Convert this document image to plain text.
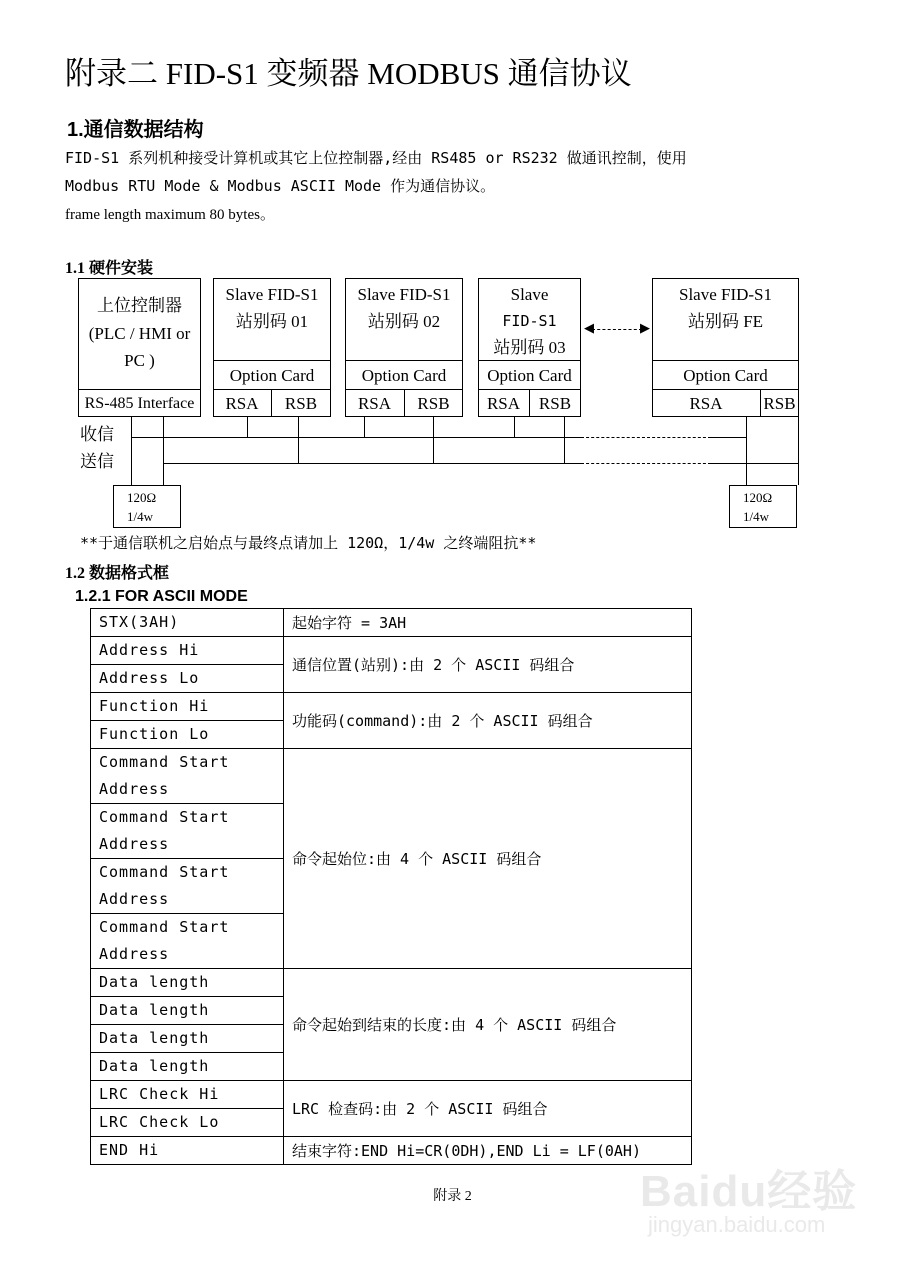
附录二 FID-S1 变频器 MODBUS 通信协议
1.通信数据结构
FID-S1 系列机种接受计算机或其它上位控制器,经由 RS485 or RS232 做通讯控制，使用
Modbus RTU Mode & Modbus ASCII Mode 作为通信协议。
frame length maximum 80 bytes。
1.1 硬件安装
上位控制器
(PLC / HMI or
PC )
RS-485 Interface
Slave FID-S1
站别码 01
Option Card
RSA	RSB
Slave FID-S1
站别码 02
Option Card
RSA	RSB
Slave
FID-S1
站别码 03
Option Card
RSA	RSB
◀	▶
Slave FID-S1
站别码 FE
Option Card
RSA	RSB
收信
送信
120Ω
1/4w
120Ω
1/4w
**于通信联机之启始点与最终点请加上 120Ω，1/4w 之终端阻抗**
1.2 数据格式框
1.2.1 FOR ASCII MODE
STX(3AH)	起始字符 = 3AH
Address Hi	通信位置(站别):由 2 个 ASCII 码组合
Address Lo	
Function Hi	功能码(command):由 2 个 ASCII 码组合
Function Lo	
Command Start Address	命令起始位:由 4 个 ASCII 码组合
Command Start Address	
Command Start Address	
Command Start Address	
Data length	命令起始到结束的长度:由 4 个 ASCII 码组合
Data length	
Data length	
Data length	
LRC Check Hi	LRC 检查码:由 2 个 ASCII 码组合
LRC Check Lo	
END Hi	结束字符:END Hi=CR(0DH),END Li = LF(0AH)
附录 2	Baidu经验
jingyan.baidu.com
